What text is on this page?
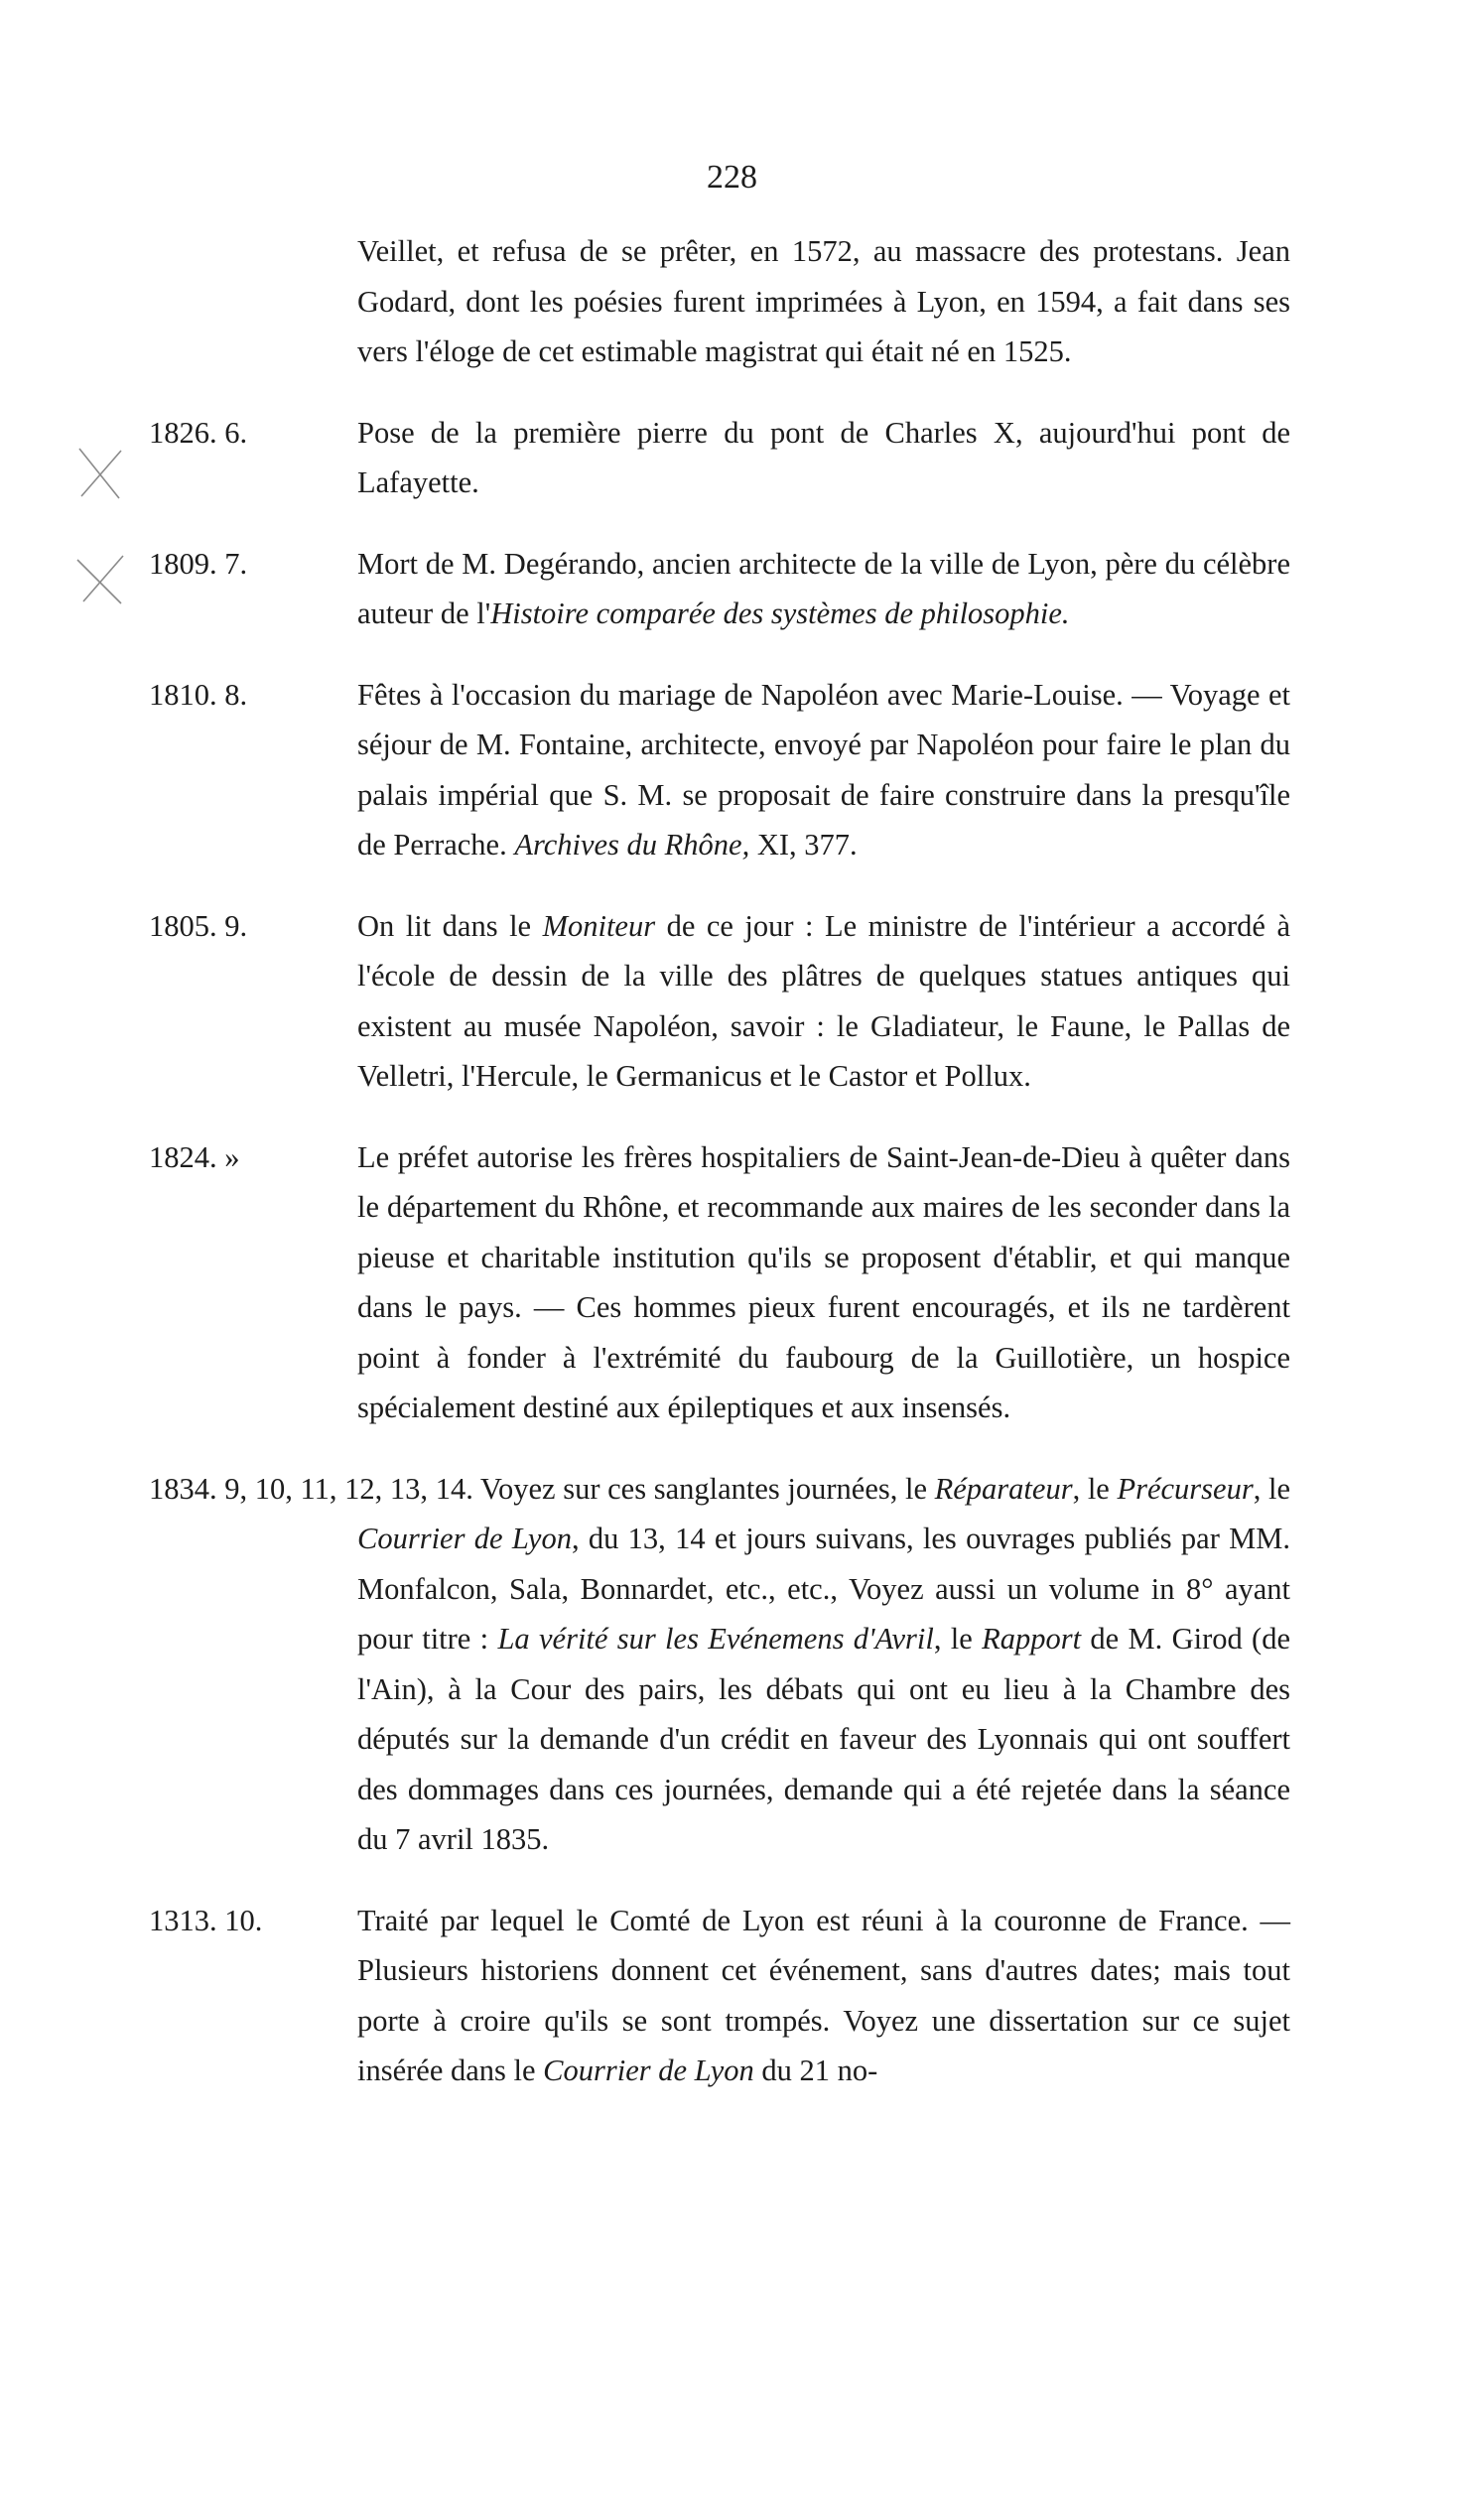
228
Veillet, et refusa de se prêter, en 1572, au massacre des protestans. Jean Godard, dont les poésies furent imprimées à Lyon, en 1594, a fait dans ses vers l'éloge de cet estimable magistrat qui était né en 1525.
1826. 6.	Pose de la première pierre du pont de Charles X, aujourd'hui pont de Lafayette.
1809. 7.	Mort de M. Degérando, ancien architecte de la ville de Lyon, père du célèbre auteur de l'Histoire comparée des systèmes de philosophie.
1810. 8.	Fêtes à l'occasion du mariage de Napoléon avec Marie-Louise. — Voyage et séjour de M. Fontaine, architecte, envoyé par Napoléon pour faire le plan du palais impérial que S. M. se proposait de faire construire dans la presqu'île de Perrache. Archives du Rhône, XI, 377.
1805. 9.	On lit dans le Moniteur de ce jour : Le ministre de l'intérieur a accordé à l'école de dessin de la ville des plâtres de quelques statues antiques qui existent au musée Napoléon, savoir : le Gladiateur, le Faune, le Pallas de Velletri, l'Hercule, le Germanicus et le Castor et Pollux.
1824. »	Le préfet autorise les frères hospitaliers de Saint-Jean-de-Dieu à quêter dans le département du Rhône, et recommande aux maires de les seconder dans la pieuse et charitable institution qu'ils se proposent d'établir, et qui manque dans le pays. — Ces hommes pieux furent encouragés, et ils ne tardèrent point à fonder à l'extrémité du faubourg de la Guillotière, un hospice spécialement destiné aux épileptiques et aux insensés.
1834. 9, 10, 11, 12, 13, 14. Voyez sur ces sanglantes journées, le Réparateur, le Précurseur, le Courrier de Lyon, du 13, 14 et jours suivans, les ouvrages publiés par MM. Monfalcon, Sala, Bonnardet, etc., etc., Voyez aussi un volume in 8° ayant pour titre : La vérité sur les Evénemens d'Avril, le Rapport de M. Girod (de l'Ain), à la Cour des pairs, les débats qui ont eu lieu à la Chambre des députés sur la demande d'un crédit en faveur des Lyonnais qui ont souffert des dommages dans ces journées, demande qui a été rejetée dans la séance du 7 avril 1835.
1313. 10.	Traité par lequel le Comté de Lyon est réuni à la couronne de France. — Plusieurs historiens donnent cet événement, sans d'autres dates; mais tout porte à croire qu'ils se sont trompés. Voyez une dissertation sur ce sujet insérée dans le Courrier de Lyon du 21 no-
